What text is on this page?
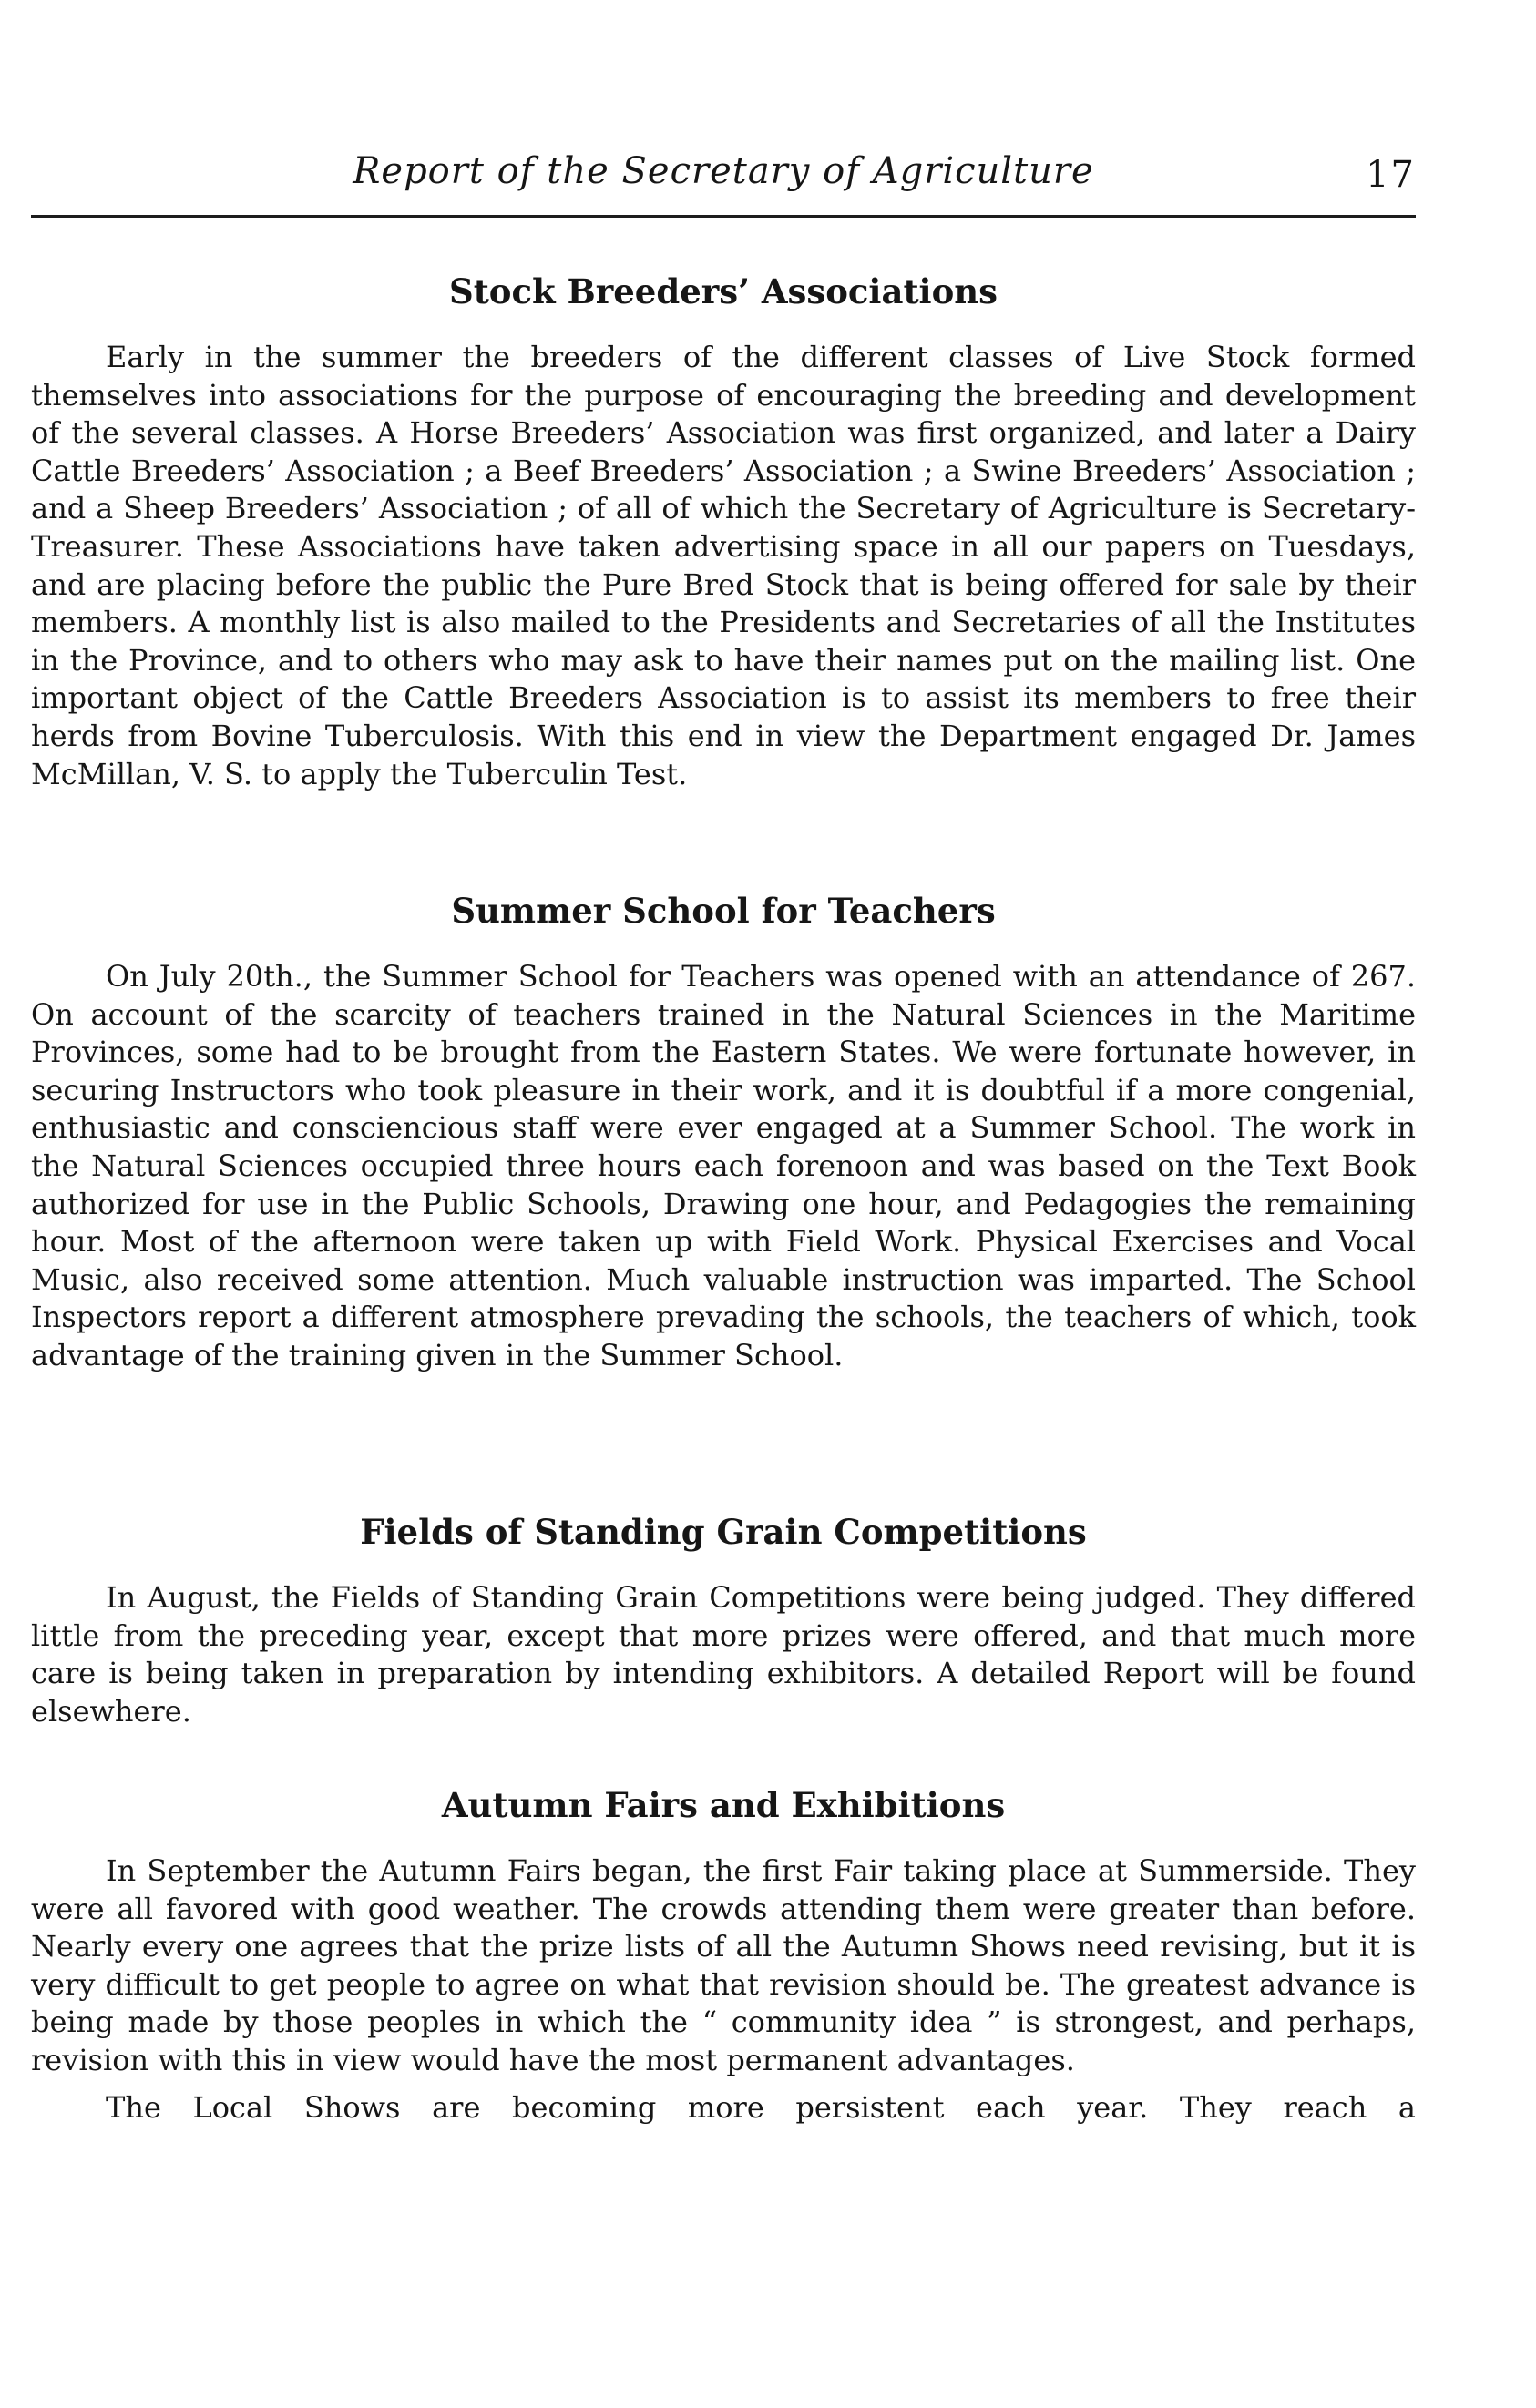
Report of the Secretary of Agriculture	17
Stock Breeders’ Associations

Early in the summer the breeders of the different classes of Live Stock formed themselves into associations for the purpose of encouraging the breeding and development of the several classes. A Horse Breeders’ Association was first organized, and later a Dairy Cattle Breeders’ Association ; a Beef Breeders’ Association ; a Swine Breeders’ Association ; and a Sheep Breeders’ Association ; of all of which the Secretary of Agriculture is Secretary-Treasurer. These Associations have taken advertising space in all our papers on Tuesdays, and are placing before the public the Pure Bred Stock that is being offered for sale by their members. A monthly list is also mailed to the Presidents and Secretaries of all the Institutes in the Province, and to others who may ask to have their names put on the mailing list. One important object of the Cattle Breeders Association is to assist its members to free their herds from Bovine Tuberculosis. With this end in view the Department engaged Dr. James McMillan, V. S. to apply the Tuberculin Test.

Summer School for Teachers

On July 20th., the Summer School for Teachers was opened with an attendance of 267. On account of the scarcity of teachers trained in the Natural Sciences in the Maritime Provinces, some had to be brought from the Eastern States. We were fortunate however, in securing Instructors who took pleasure in their work, and it is doubtful if a more congenial, enthusiastic and consciencious staff were ever engaged at a Summer School. The work in the Natural Sciences occupied three hours each forenoon and was based on the Text Book authorized for use in the Public Schools, Drawing one hour, and Pedagogies the remaining hour. Most of the afternoon were taken up with Field Work. Physical Exercises and Vocal Music, also received some attention. Much valuable instruction was imparted. The School Inspectors report a different atmosphere prevading the schools, the teachers of which, took advantage of the training given in the Summer School.

Fields of Standing Grain Competitions

In August, the Fields of Standing Grain Competitions were being judged. They differed little from the preceding year, except that more prizes were offered, and that much more care is being taken in preparation by intending exhibitors. A detailed Report will be found elsewhere.

Autumn Fairs and Exhibitions

In September the Autumn Fairs began, the first Fair taking place at Summerside. They were all favored with good weather. The crowds attending them were greater than before. Nearly every one agrees that the prize lists of all the Autumn Shows need revising, but it is very difficult to get people to agree on what that revision should be. The greatest advance is being made by those peoples in which the “ community idea ” is strongest, and perhaps, revision with this in view would have the most permanent advantages.

The Local Shows are becoming more persistent each year. They reach a
